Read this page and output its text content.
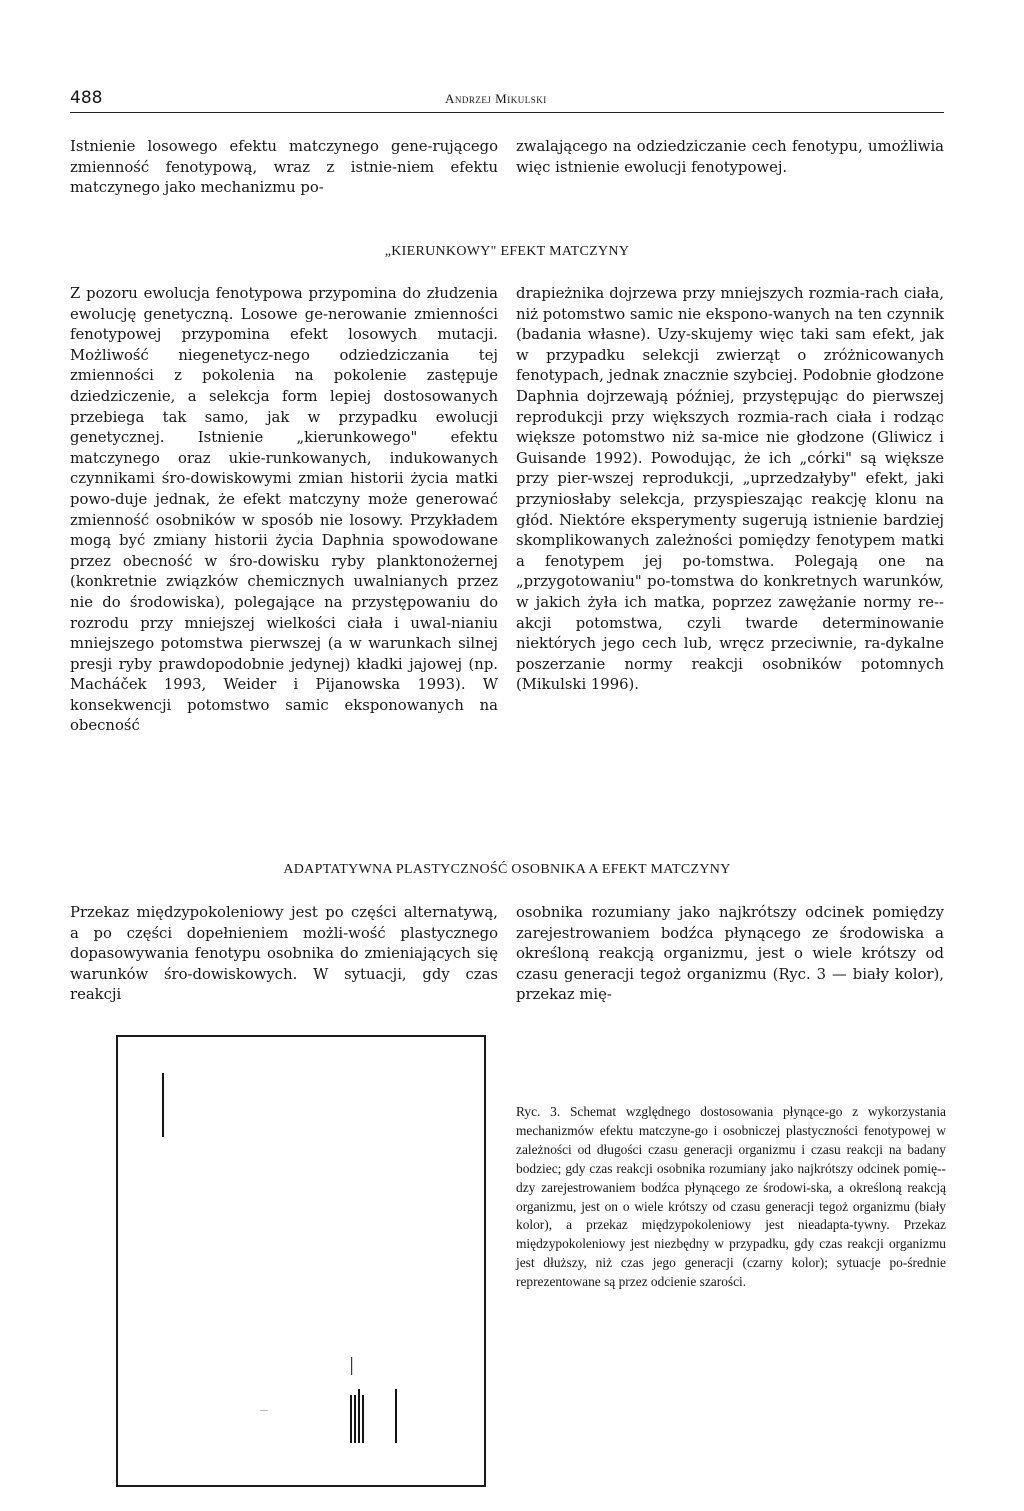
488	Andrzej Mikulski

Istnienie losowego efektu matczynego gene-rującego zmienność fenotypową, wraz z istnie-niem efektu matczynego jako mechanizmu po-

zwalającego na odziedziczanie cech fenotypu, umożliwia więc istnienie ewolucji fenotypowej.

„KIERUNKOWY" EFEKT MATCZYNY

Z pozoru ewolucja fenotypowa przypomina do złudzenia ewolucję genetyczną. Losowe ge-nerowanie zmienności fenotypowej przypomina efekt losowych mutacji. Możliwość niegenetycz-nego odziedziczania tej zmienności z pokolenia na pokolenie zastępuje dziedziczenie, a selekcja form lepiej dostosowanych przebiega tak samo, jak w przypadku ewolucji genetycznej. Istnienie „kierunkowego" efektu matczynego oraz ukie-runkowanych, indukowanych czynnikami śro-dowiskowymi zmian historii życia matki powo-duje jednak, że efekt matczyny może generować zmienność osobników w sposób nie losowy. Przykładem mogą być zmiany historii życia Daphnia spowodowane przez obecność w śro-dowisku ryby planktonożernej (konkretnie związków chemicznych uwalnianych przez nie do środowiska), polegające na przystępowaniu do rozrodu przy mniejszej wielkości ciała i uwal-nianiu mniejszego potomstwa pierwszej (a w warunkach silnej presji ryby prawdopodobnie jedynej) kładki jajowej (np. Macháček 1993, Weider i Pijanowska 1993). W konsekwencji potomstwo samic eksponowanych na obecność

drapieżnika dojrzewa przy mniejszych rozmia-rach ciała, niż potomstwo samic nie ekspono-wanych na ten czynnik (badania własne). Uzy-skujemy więc taki sam efekt, jak w przypadku selekcji zwierząt o zróżnicowanych fenotypach, jednak znacznie szybciej. Podobnie głodzone Daphnia dojrzewają później, przystępując do pierwszej reprodukcji przy większych rozmia-rach ciała i rodząc większe potomstwo niż sa-mice nie głodzone (Gliwicz i Guisande 1992). Powodując, że ich „córki" są większe przy pier-wszej reprodukcji, „uprzedzałyby" efekt, jaki przyniosłaby selekcja, przyspieszając reakcję klonu na głód. Niektóre eksperymenty sugerują istnienie bardziej skomplikowanych zależności pomiędzy fenotypem matki a fenotypem jej po-tomstwa. Polegają one na „przygotowaniu" po-tomstwa do konkretnych warunków, w jakich żyła ich matka, poprzez zawężanie normy re-akcji potomstwa, czyli twarde determinowanie niektórych jego cech lub, wręcz przeciwnie, ra-dykalne poszerzanie normy reakcji osobników potomnych (Mikulski 1996).

ADAPTATYWNA PLASTYCZNOŚĆ OSOBNIKA A EFEKT MATCZYNY

Przekaz międzypokoleniowy jest po części alternatywą, a po części dopełnieniem możli-wość plastycznego dopasowywania fenotypu osobnika do zmieniających się warunków śro-dowiskowych. W sytuacji, gdy czas reakcji

osobnika rozumiany jako najkrótszy odcinek pomiędzy zarejestrowaniem bodźca płynącego ze środowiska a określoną reakcją organizmu, jest o wiele krótszy od czasu generacji tegoż organizmu (Ryc. 3 — biały kolor), przekaz mię-

Ryc. 3. Schemat względnego dostosowania płynące-go z wykorzystania mechanizmów efektu matczyne-go i osobniczej plastyczności fenotypowej w zależności od długości czasu generacji organizmu i czasu reakcji na badany bodziec; gdy czas reakcji osobnika rozumiany jako najkrótszy odcinek pomię-dzy zarejestrowaniem bodźca płynącego ze środowi-ska, a określoną reakcją organizmu, jest on o wiele krótszy od czasu generacji tegoż organizmu (biały kolor), a przekaz międzypokoleniowy jest nieadapta-tywny. Przekaz międzypokoleniowy jest niezbędny w przypadku, gdy czas reakcji organizmu jest dłuższy, niż czas jego generacji (czarny kolor); sytuacje po-średnie reprezentowane są przez odcienie szarości.
